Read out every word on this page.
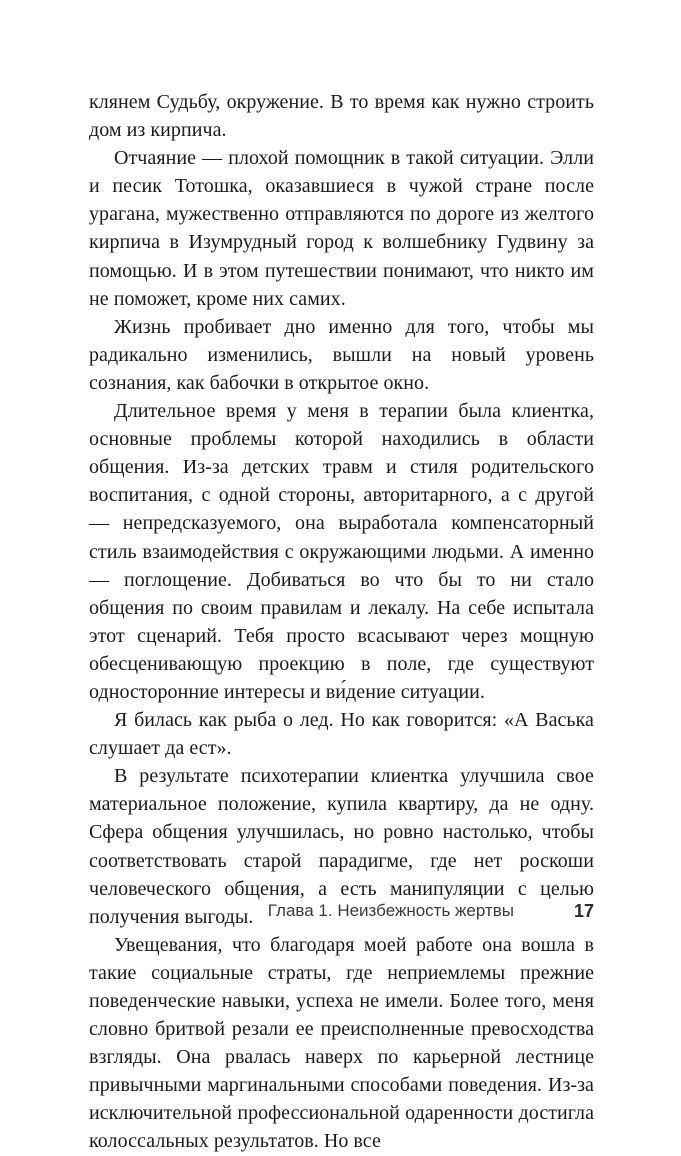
клянем Судьбу, окружение. В то время как нужно строить дом из кирпича.

Отчаяние — плохой помощник в такой ситуации. Элли и песик Тотошка, оказавшиеся в чужой стране после урагана, мужественно отправляются по дороге из желтого кирпича в Изумрудный город к волшебнику Гудвину за помощью. И в этом путешествии понимают, что никто им не поможет, кроме них самих.

Жизнь пробивает дно именно для того, чтобы мы радикально изменились, вышли на новый уровень сознания, как бабочки в открытое окно.

Длительное время у меня в терапии была клиентка, основные проблемы которой находились в области общения. Из-за детских травм и стиля родительского воспитания, с одной стороны, авторитарного, а с другой — непредсказуемого, она выработала компенсаторный стиль взаимодействия с окружающими людьми. А именно — поглощение. Добиваться во что бы то ни стало общения по своим правилам и лекалу. На себе испытала этот сценарий. Тебя просто всасывают через мощную обесценивающую проекцию в поле, где существуют односторонние интересы и ви́дение ситуации.

Я билась как рыба о лед. Но как говорится: «А Васька слушает да ест».

В результате психотерапии клиентка улучшила свое материальное положение, купила квартиру, да не одну. Сфера общения улучшилась, но ровно настолько, чтобы соответствовать старой парадигме, где нет роскоши человеческого общения, а есть манипуляции с целью получения выгоды.

Увещевания, что благодаря моей работе она вошла в такие социальные страты, где неприемлемы прежние поведенческие навыки, успеха не имели. Более того, меня словно бритвой резали ее преисполненные превосходства взгляды. Она рвалась наверх по карьерной лестнице привычными маргинальными способами поведения. Из-за исключительной профессиональной одаренности достигла колоссальных результатов. Но все

Глава 1. Неизбежность жертвы	17
